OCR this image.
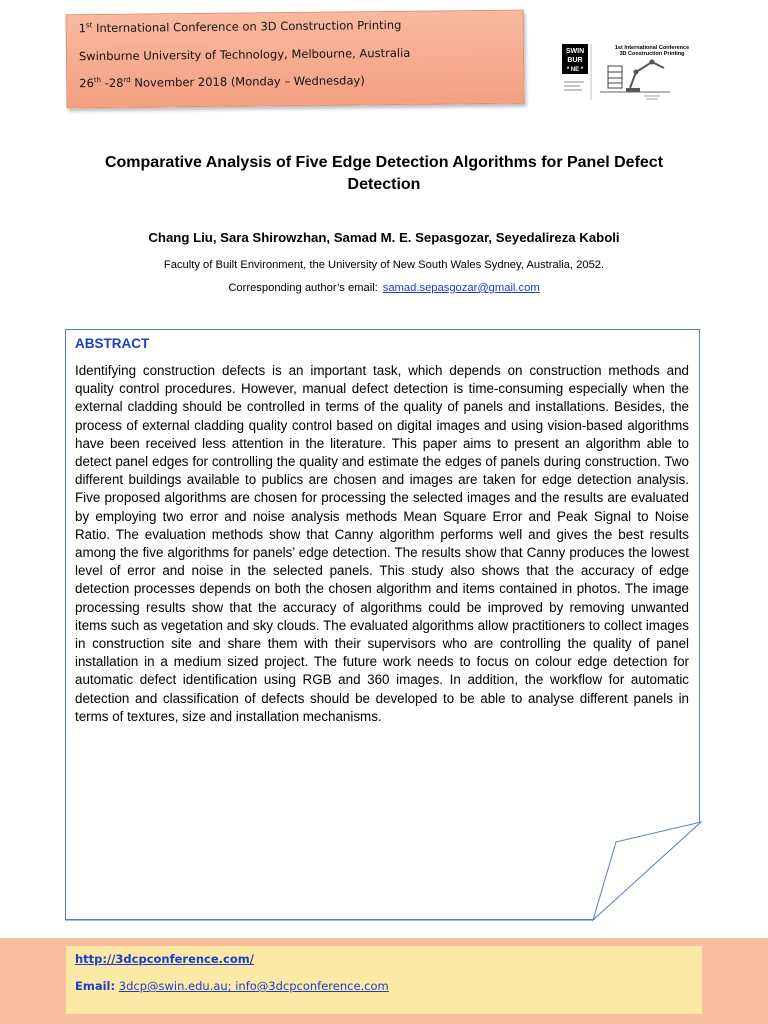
1st International Conference on 3D Construction Printing
Swinburne University of Technology, Melbourne, Australia
26th -28rd November 2018 (Monday – Wednesday)
SWIN
BUR
* NE *
1st International Conference
3D Construction Printing
Comparative Analysis of Five Edge Detection Algorithms for Panel Defect Detection
Chang Liu, Sara Shirowzhan, Samad M. E. Sepasgozar, Seyedalireza Kaboli
Faculty of Built Environment, the University of New South Wales Sydney, Australia, 2052.
Corresponding author’s email: samad.sepasgozar@gmail.com
ABSTRACT
Identifying construction defects is an important task, which depends on construction methods and quality control procedures. However, manual defect detection is time-consuming especially when the external cladding should be controlled in terms of the quality of panels and installations. Besides, the process of external cladding quality control based on digital images and using vision-based algorithms have been received less attention in the literature. This paper aims to present an algorithm able to detect panel edges for controlling the quality and estimate the edges of panels during construction. Two different buildings available to publics are chosen and images are taken for edge detection analysis. Five proposed algorithms are chosen for processing the selected images and the results are evaluated by employing two error and noise analysis methods Mean Square Error and Peak Signal to Noise Ratio. The evaluation methods show that Canny algorithm performs well and gives the best results among the five algorithms for panels’ edge detection. The results show that Canny produces the lowest level of error and noise in the selected panels. This study also shows that the accuracy of edge detection processes depends on both the chosen algorithm and items contained in photos. The image processing results show that the accuracy of algorithms could be improved by removing unwanted items such as vegetation and sky clouds. The evaluated algorithms allow practitioners to collect images in construction site and share them with their supervisors who are controlling the quality of panel installation in a medium sized project. The future work needs to focus on colour edge detection for automatic defect identification using RGB and 360 images. In addition, the workflow for automatic detection and classification of defects should be developed to be able to analyse different panels in terms of textures, size and installation mechanisms.
http://3dcpconference.com/
Email: 3dcp@swin.edu.au; info@3dcpconference.com
